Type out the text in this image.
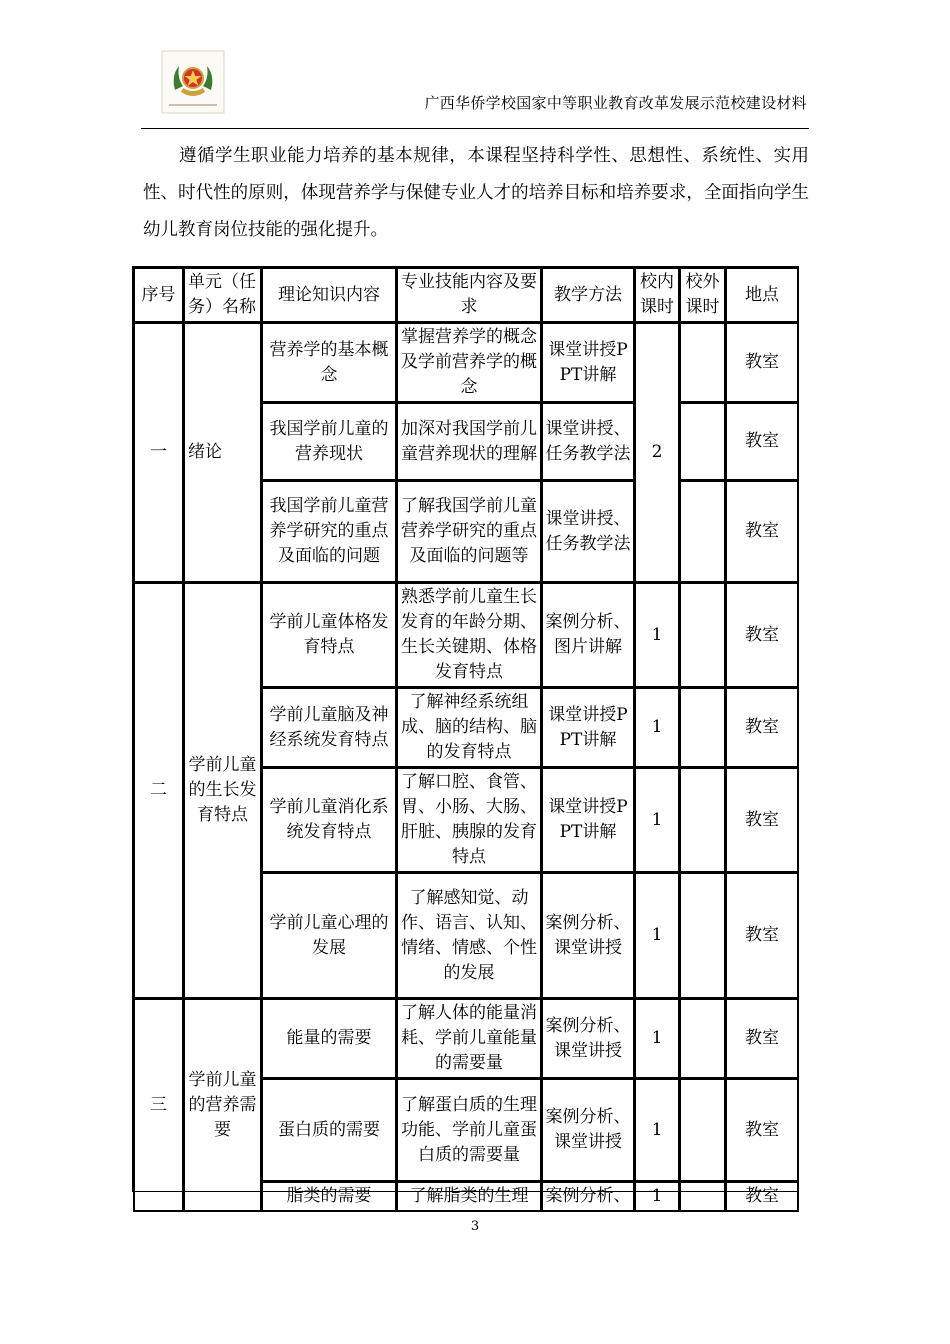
广西华侨学校国家中等职业教育改革发展示范校建设材料

遵循学生职业能力培养的基本规律，本课程坚持科学性、思想性、系统性、实用性、时代性的原则，体现营养学与保健专业人才的培养目标和培养要求，全面指向学生幼儿教育岗位技能的强化提升。

序号	单元（任务）名称	理论知识内容	专业技能内容及要求	教学方法	校内课时	校外课时	地点
一	绪论	营养学的基本概念	掌握营养学的概念及学前营养学的概念	课堂讲授PPT讲解	2		教室
		我国学前儿童的营养现状	加深对我国学前儿童营养现状的理解	课堂讲授、任务教学法			教室
		我国学前儿童营养学研究的重点及面临的问题	了解我国学前儿童营养学研究的重点及面临的问题等	课堂讲授、任务教学法			教室
二	学前儿童的生长发育特点	学前儿童体格发育特点	熟悉学前儿童生长发育的年龄分期、生长关键期、体格发育特点	案例分析、图片讲解	1		教室
		学前儿童脑及神经系统发育特点	了解神经系统组成、脑的结构、脑的发育特点	课堂讲授PPT讲解	1		教室
		学前儿童消化系统发育特点	了解口腔、食管、胃、小肠、大肠、肝脏、胰腺的发育特点	课堂讲授PPT讲解	1		教室
		学前儿童心理的发展	了解感知觉、动作、语言、认知、情绪、情感、个性的发展	案例分析、课堂讲授	1		教室
三	学前儿童的营养需要	能量的需要	了解人体的能量消耗、学前儿童能量的需要量	案例分析、课堂讲授	1		教室
		蛋白质的需要	了解蛋白质的生理功能、学前儿童蛋白质的需要量	案例分析、课堂讲授	1		教室
		脂类的需要	了解脂类的生理	案例分析、	1		教室
3
